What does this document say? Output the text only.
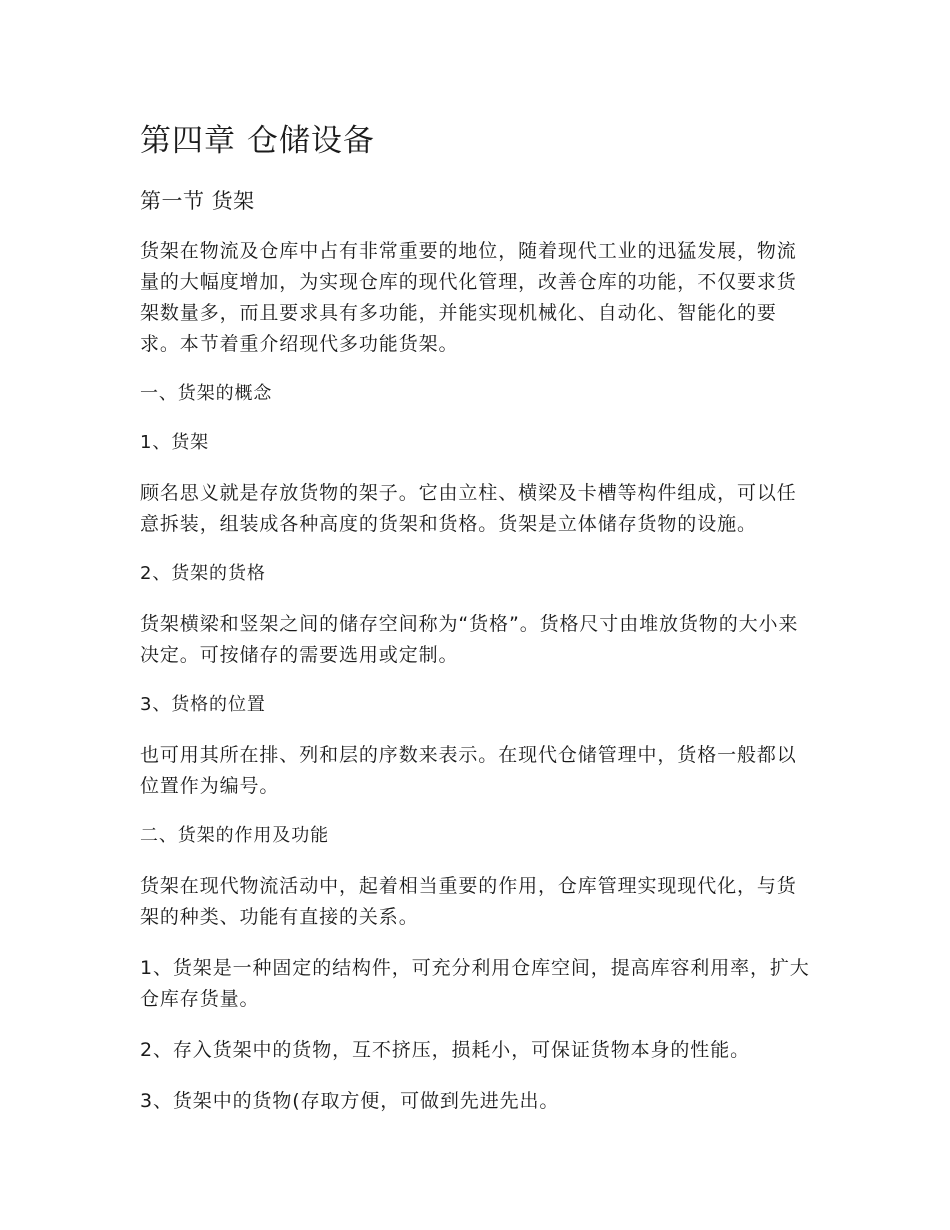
第四章 仓储设备
第一节 货架

货架在物流及仓库中占有非常重要的地位，随着现代工业的迅猛发展，物流量的大幅度增加，为实现仓库的现代化管理，改善仓库的功能，不仅要求货架数量多，而且要求具有多功能，并能实现机械化、自动化、智能化的要求。本节着重介绍现代多功能货架。

一、货架的概念

1、货架

顾名思义就是存放货物的架子。它由立柱、横梁及卡槽等构件组成，可以任意拆装，组装成各种高度的货架和货格。货架是立体储存货物的设施。

2、货架的货格

货架横梁和竖架之间的储存空间称为“货格”。货格尺寸由堆放货物的大小来决定。可按储存的需要选用或定制。

3、货格的位置

也可用其所在排、列和层的序数来表示。在现代仓储管理中，货格一般都以位置作为编号。

二、货架的作用及功能

货架在现代物流活动中，起着相当重要的作用，仓库管理实现现代化，与货架的种类、功能有直接的关系。

1、货架是一种固定的结构件，可充分利用仓库空间，提高库容利用率，扩大仓库存货量。

2、存入货架中的货物，互不挤压，损耗小，可保证货物本身的性能。

3、货架中的货物(存取方便，可做到先进先出。
